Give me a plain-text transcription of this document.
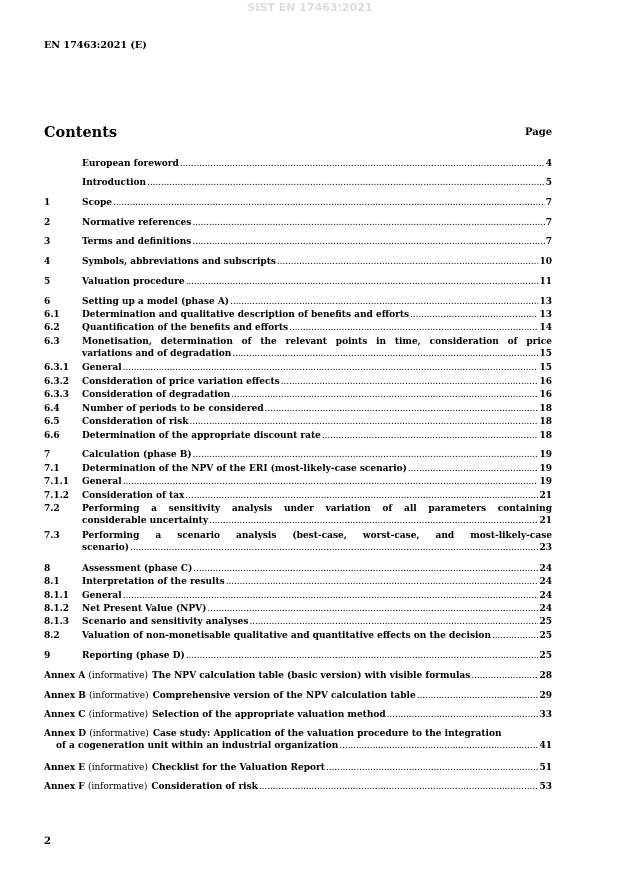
SIST EN 17463:2021
EN 17463:2021 (E)
Contents	Page
European foreword .....	4
Introduction .....	5
1	Scope .....	7
2	Normative references .....	7
3	Terms and definitions .....	7
4	Symbols, abbreviations and subscripts .....	10
5	Valuation procedure .....	11
6	Setting up a model (phase A) .....	13
6.1 Determination and qualitative description of benefits and efforts .....	13
6.2 Quantification of the benefits and efforts .....	14
6.3 Monetisation, determination of the relevant points in time, consideration of price
variations and of degradation .....	15
6.3.1 General .....	15
6.3.2 Consideration of price variation effects .....	16
6.3.3 Consideration of degradation .....	16
6.4 Number of periods to be considered .....	18
6.5 Consideration of risk .....	18
6.6 Determination of the appropriate discount rate .....	18
7	Calculation (phase B) .....	19
7.1 Determination of the NPV of the ERI (most-likely-case scenario) .....	19
7.1.1 General .....	19
7.1.2 Consideration of tax .....	21
7.2 Performing a sensitivity analysis under variation of all parameters containing
considerable uncertainty .....	21
7.3 Performing a scenario analysis (best-case, worst-case, and most-likely-case
scenario) .....	23
8	Assessment (phase C) .....	24
8.1 Interpretation of the results .....	24
8.1.1 General .....	24
8.1.2 Net Present Value (NPV) .....	24
8.1.3 Scenario and sensitivity analyses .....	25
8.2 Valuation of non-monetisable qualitative and quantitative effects on the decision .....	25
9	Reporting (phase D) .....	25
Annex A (informative) The NPV calculation table (basic version) with visible formulas .....	28
Annex B (informative) Comprehensive version of the NPV calculation table .....	29
Annex C (informative) Selection of the appropriate valuation method .....	33
Annex D (informative) Case study: Application of the valuation procedure to the integration
of a cogeneration unit within an industrial organization .....	41
Annex E (informative) Checklist for the Valuation Report .....	51
Annex F (informative) Consideration of risk .....	53
2
